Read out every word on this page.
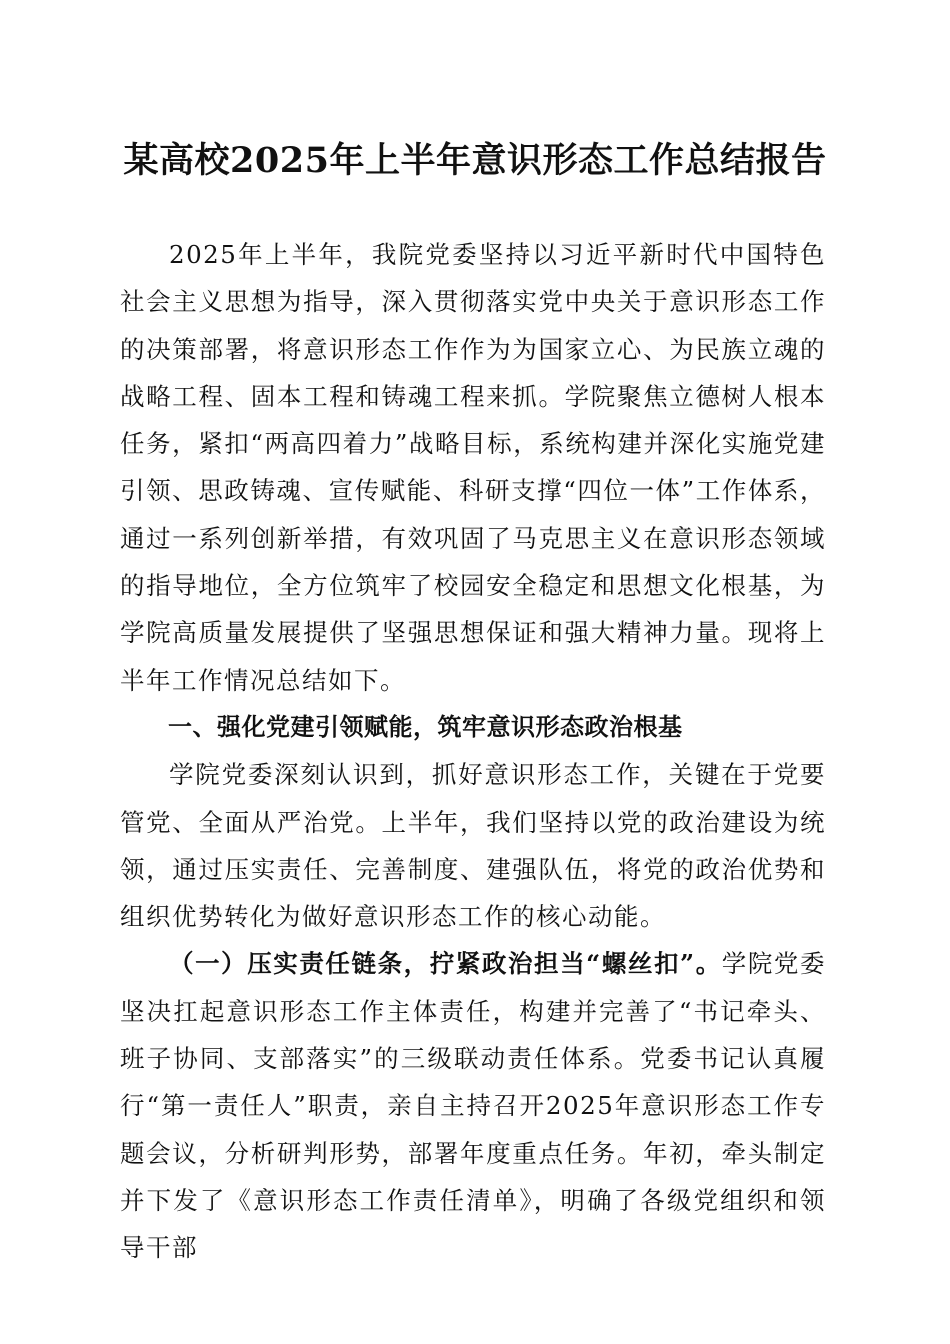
某高校2025年上半年意识形态工作总结报告

2025年上半年，我院党委坚持以习近平新时代中国特色社会主义思想为指导，深入贯彻落实党中央关于意识形态工作的决策部署，将意识形态工作作为为国家立心、为民族立魂的战略工程、固本工程和铸魂工程来抓。学院聚焦立德树人根本任务，紧扣“两高四着力”战略目标，系统构建并深化实施党建引领、思政铸魂、宣传赋能、科研支撑“四位一体”工作体系，通过一系列创新举措，有效巩固了马克思主义在意识形态领域的指导地位，全方位筑牢了校园安全稳定和思想文化根基，为学院高质量发展提供了坚强思想保证和强大精神力量。现将上半年工作情况总结如下。

一、强化党建引领赋能，筑牢意识形态政治根基

学院党委深刻认识到，抓好意识形态工作，关键在于党要管党、全面从严治党。上半年，我们坚持以党的政治建设为统领，通过压实责任、完善制度、建强队伍，将党的政治优势和组织优势转化为做好意识形态工作的核心动能。

（一）压实责任链条，拧紧政治担当“螺丝扣”。学院党委坚决扛起意识形态工作主体责任，构建并完善了“书记牵头、班子协同、支部落实”的三级联动责任体系。党委书记认真履行“第一责任人”职责，亲自主持召开2025年意识形态工作专题会议，分析研判形势，部署年度重点任务。年初，牵头制定并下发了《意识形态工作责任清单》，明确了各级党组织和领导干部
